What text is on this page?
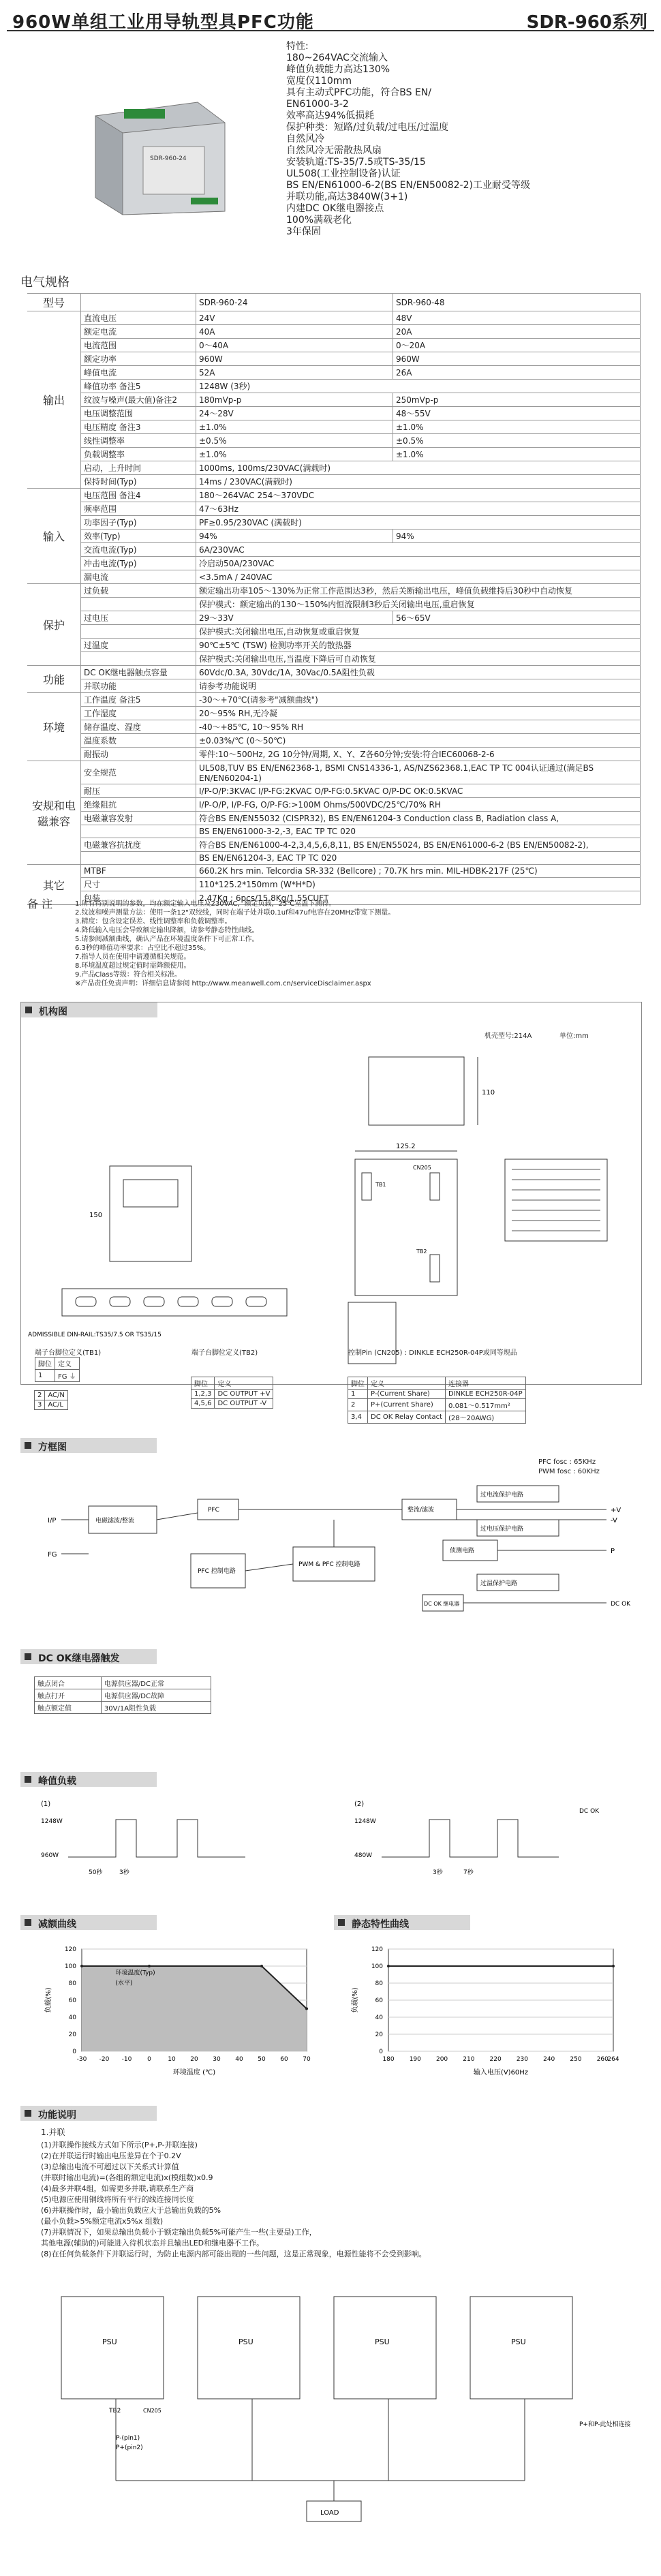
960W单组工业用导轨型具PFC功能	SDR-960系列
SDR-960-24
特性:
180~264VAC交流输入
峰值负载能力高达130%
宽度仅110mm
具有主动式PFC功能，符合BS EN/
EN61000-3-2
效率高达94%低损耗
保护种类：短路/过负载/过电压/过温度
自然风冷
自然风冷无需散热风扇
安装轨道:TS-35/7.5或TS-35/15
UL508(工业控制设备)认证
BS EN/EN61000-6-2(BS EN/EN50082-2)工业耐受等级
并联功能,高达3840W(3+1)
内建DC OK继电器接点
100%满载老化
3年保固
电气规格
型号		SDR-960-24	SDR-960-48
输出	直流电压	24V	48V
	额定电流	40A	20A
	电流范围	0～40A	0～20A
	额定功率	960W	960W
	峰值电流	52A	26A
	峰值功率 备注5	1248W (3秒)	
	纹波与噪声(最大值)备注2	180mVp-p	250mVp-p
	电压调整范围	24～28V	48～55V
	电压精度 备注3	±1.0%	±1.0%
	线性调整率	±0.5%	±0.5%
	负载调整率	±1.0%	±1.0%
	启动，上升时间	1000ms, 100ms/230VAC(满载时)	
	保持时间(Typ)	14ms / 230VAC(满载时)	
输入	电压范围 备注4	180～264VAC 254～370VDC	
	频率范围	47～63Hz	
	功率因子(Typ)	PF≥0.95/230VAC (满载时)	
	效率(Typ)	94%	94%
	交流电流(Typ)	6A/230VAC	
	冲击电流(Typ)	冷启动50A/230VAC	
	漏电流	<3.5mA / 240VAC	
保护	过负载	额定输出功率105～130%为正常工作范围达3秒，然后关断输出电压，峰值负载维持后30秒中自动恢复	
		保护模式：额定输出的130～150%内恒流限制3秒后关闭输出电压,重启恢复	
	过电压	29～33V	56～65V
		保护模式:关闭输出电压,自动恢复或重启恢复	
	过温度	90℃±5℃ (TSW) 检测功率开关的散热器	
		保护模式:关闭输出电压,当温度下降后可自动恢复	
功能	DC OK继电器触点容量	60Vdc/0.3A, 30Vdc/1A, 30Vac/0.5A阻性负载	
	并联功能	请参考功能说明	
环境	工作温度 备注5	-30～+70℃(请参考"减额曲线")	
	工作湿度	20～95% RH,无冷凝	
	储存温度、湿度	-40～+85℃, 10～95% RH	
	温度系数	±0.03%/℃ (0～50℃)	
	耐振动	零件:10～500Hz, 2G 10分钟/周期, X、Y、Z各60分钟;安装:符合IEC60068-2-6	
安规和电磁兼容	安全规范	UL508,TUV BS EN/EN62368-1, BSMI CNS14336-1, AS/NZS62368.1,EAC TP TC 004认证通过(满足BS EN/EN60204-1)	
	耐压	I/P-O/P:3KVAC I/P-FG:2KVAC O/P-FG:0.5KVAC O/P-DC OK:0.5KVAC	
	绝缘阻抗	I/P-O/P, I/P-FG, O/P-FG:>100M Ohms/500VDC/25℃/70% RH	
	电磁兼容发射	符合BS EN/EN55032 (CISPR32), BS EN/EN61204-3 Conduction class B, Radiation class A,	
		BS EN/EN61000-3-2,-3, EAC TP TC 020	
	电磁兼容抗扰度	符合BS EN/EN61000-4-2,3,4,5,6,8,11, BS EN/EN55024, BS EN/EN61000-6-2 (BS EN/EN50082-2),	
		BS EN/EN61204-3, EAC TP TC 020	
其它	MTBF	660.2K hrs min. Telcordia SR-332 (Bellcore) ; 70.7K hrs min. MIL-HDBK-217F (25℃)	
	尺寸	110*125.2*150mm (W*H*D)	
	包装	2.47Kg ; 6pcs/15.8Kg/1.55CUFT	
备 注	1.所有特别说明的参数，均在额定输入电压及230VAC，额定负载，25℃室温下测得。
2.纹波和噪声测量方法：使用一条12"双绞线，同时在端子处并联0.1uf和47uf电容在20MHz带宽下测量。
3.精度：包含设定误差、线性调整率和负载调整率。
4.降低输入电压会导致额定输出降额，请参考静态特性曲线。
5.请参阅减额曲线，确认产品在环境温度条件下可正常工作。
6.3秒的峰值功率要求：占空比不超过35%。
7.指导人员在使用中请遵循相关规范。
8.环境温度超过规定值时需降额使用。
9.产品Class等级：符合相关标准。
※产品责任免责声明：详细信息请参阅 http://www.meanwell.com.cn/serviceDisclaimer.aspx
机构图
机壳型号:214A	单位:mm
110
125.2
TB1
CN205
TB2
150
ADMISSIBLE DIN-RAIL:TS35/7.5 OR TS35/15
端子台脚位定义(TB1)
脚位	定义
1	FG ⏚
端子台脚位定义(TB2)	控制Pin (CN205) : DINKLE ECH250R-04P或同等规品
2	AC/N
3	AC/L
脚位	定义
1,2,3	DC OUTPUT +V
4,5,6	DC OUTPUT -V
脚位	定义	连接器
1	P-(Current Share)	DINKLE ECH250R-04P
2	P+(Current Share)	0.081～0.517mm²
3,4	DC OK Relay Contact	(28～20AWG)
方框图
PFC fosc : 65KHz
PWM fosc : 60KHz
I/P
FG
电磁滤波/整流
PFC
PFC 控制电路
PWM & PFC 控制电路
整流/滤波
过电流保护电路
过电压保护电路
侦测电路
过温保护电路
DC OK 继电器
+V
-V
P
DC OK
DC OK继电器触发
触点闭合	电源供应器/DC正常
触点打开	电源供应器/DC故障
触点额定值	30V/1A阻性负载
峰值负载
(1)
1248W
960W
50秒	3秒
(2)
1248W
480W
3秒	7秒
DC OK
减额曲线	静态特性曲线
0
20
40
60
80
100
120
-30 -20 -10	0	10 20 30 40 50 60 70
负载(%)
环境温度 (℃)
环境温度(Typ)
(水平)
0
20
40
60
80
100
120
180 190 200 210 220 230 240 250 260
264
负载(%)
输入电压(V)60Hz
功能说明
1.并联
(1)并联操作接线方式如下所示(P+,P-并联连接)
(2)在并联运行时输出电压差异在个于0.2V
(3)总输出电流不可超过以下关系式计算值
(并联时输出电流)=(各组的额定电流)x(模组数)x0.9
(4)最多并联4组，如需更多并联,请联系生产商
(5)电源应使用铜线将所有平行的线连接同长度
(6)并联操作时，最小输出负载应大于总输出负载的5%
(最小负载>5%额定电流x5%x 组数)
(7)并联情况下，如果总输出负载小于额定输出负载5%可能产生一些(主要是)工作，
其他电源(辅助的)可能进入待机状态并且输出LED和继电器不工作。
(8)在任何负载条件下并联运行时，为防止电源内部可能出现的一些问题，这是正常现象，电源性能将不会受到影响。
PSU	PSU	PSU	PSU
TB2	CN205
P-(pin1)
P+(pin2)
LOAD
P+和P-此处相连接
